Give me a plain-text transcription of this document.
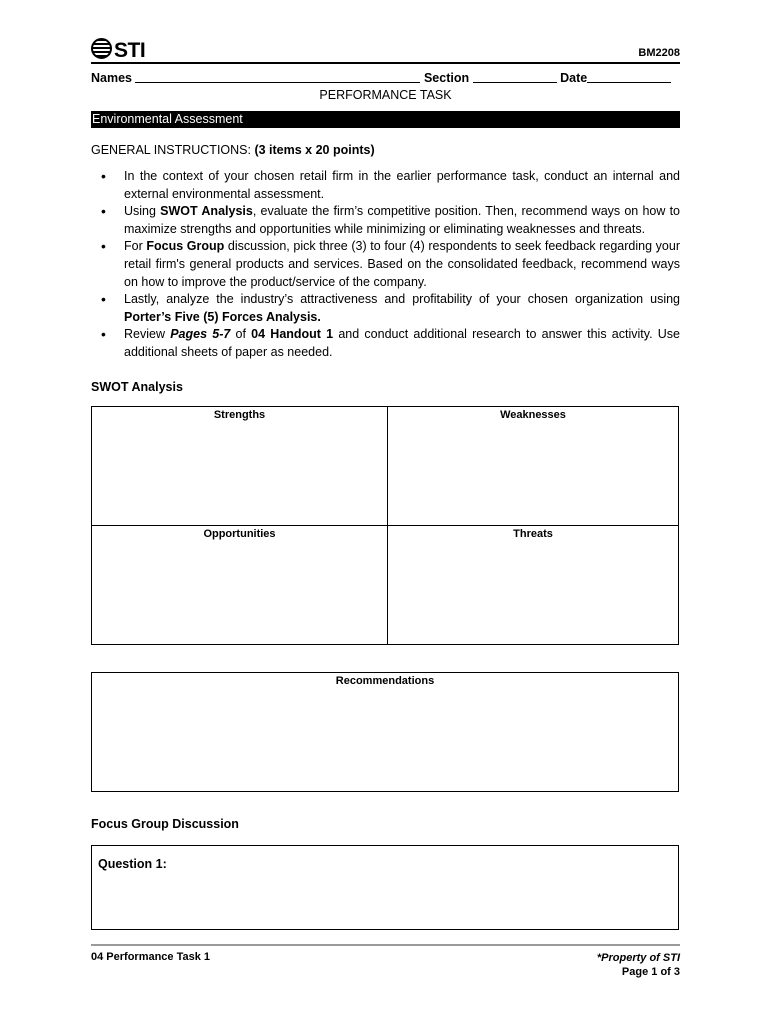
STI	BM2208
Names	Section	Date
PERFORMANCE TASK
Environmental Assessment
GENERAL INSTRUCTIONS: (3 items x 20 points)
• In the context of your chosen retail firm in the earlier performance task, conduct an internal and external environmental assessment.
• Using SWOT Analysis, evaluate the firm’s competitive position. Then, recommend ways on how to maximize strengths and opportunities while minimizing or eliminating weaknesses and threats.
• For Focus Group discussion, pick three (3) to four (4) respondents to seek feedback regarding your retail firm's general products and services. Based on the consolidated feedback, recommend ways on how to improve the product/service of the company.
• Lastly, analyze the industry’s attractiveness and profitability of your chosen organization using Porter’s Five (5) Forces Analysis.
• Review Pages 5-7 of 04 Handout 1 and conduct additional research to answer this activity. Use additional sheets of paper as needed.
SWOT Analysis
Strengths	Weaknesses
Opportunities	Threats
Recommendations
Focus Group Discussion
Question 1:
04 Performance Task 1	*Property of STI
Page 1 of 3
